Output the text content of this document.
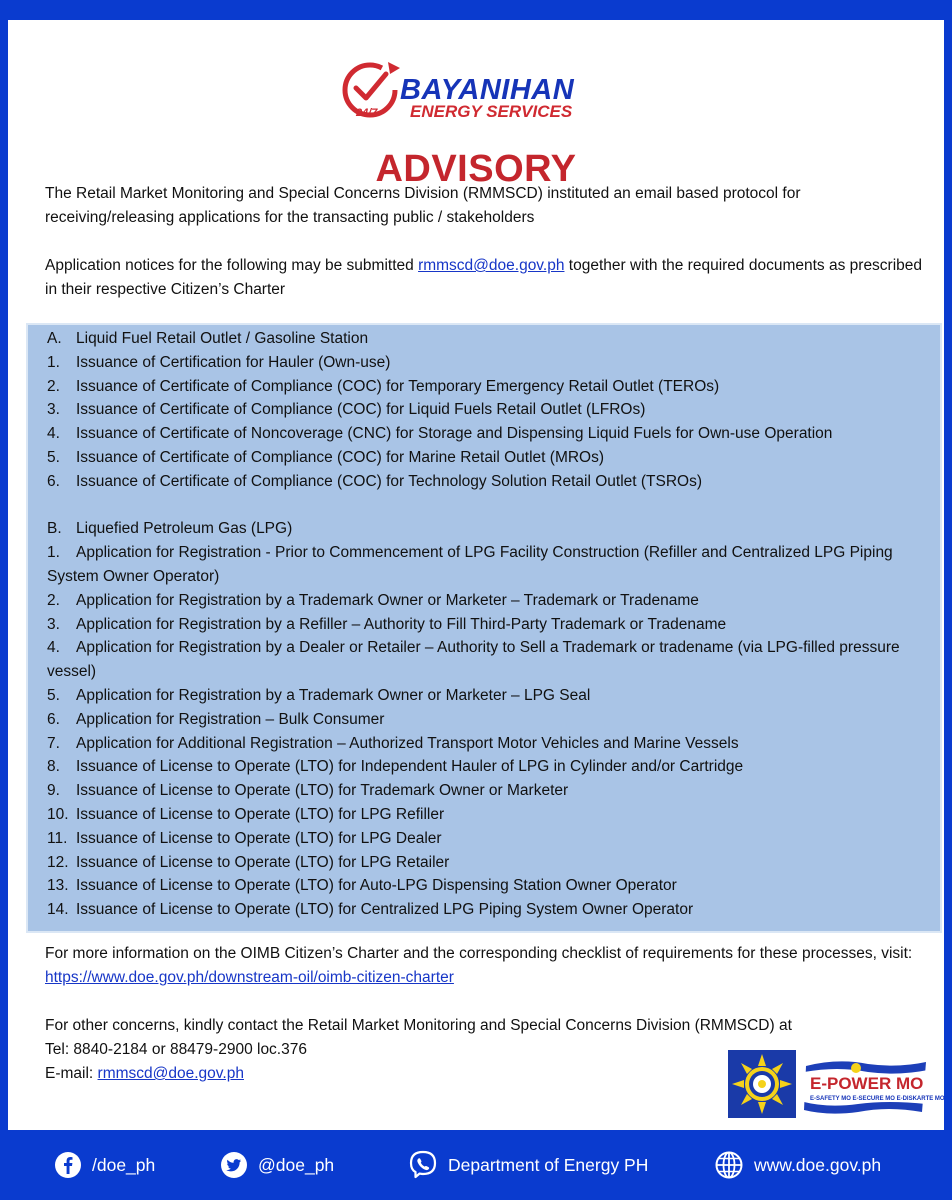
24/7
BAYANIHAN
ENERGY SERVICES
ADVISORY

The Retail Market Monitoring and Special Concerns Division (RMMSCD) instituted an email based protocol for receiving/releasing applications for the transacting public / stakeholders

Application notices for the following may be submitted rmmscd@doe.gov.ph together with the required documents as prescribed in their respective Citizen’s Charter

A. Liquid Fuel Retail Outlet / Gasoline Station
1. Issuance of Certification for Hauler (Own-use)
2. Issuance of Certificate of Compliance (COC) for Temporary Emergency Retail Outlet (TEROs)
3. Issuance of Certificate of Compliance (COC) for Liquid Fuels Retail Outlet (LFROs)
4. Issuance of Certificate of Noncoverage (CNC) for Storage and Dispensing Liquid Fuels for Own-use Operation
5. Issuance of Certificate of Compliance (COC) for Marine Retail Outlet (MROs)
6. Issuance of Certificate of Compliance (COC) for Technology Solution Retail Outlet (TSROs)
B. Liquefied Petroleum Gas (LPG)
1. Application for Registration - Prior to Commencement of LPG Facility Construction (Refiller and Centralized LPG Piping System Owner Operator)
2. Application for Registration by a Trademark Owner or Marketer – Trademark or Tradename
3. Application for Registration by a Refiller – Authority to Fill Third-Party Trademark or Tradename
4. Application for Registration by a Dealer or Retailer – Authority to Sell a Trademark or tradename (via LPG-filled pressure vessel)
5. Application for Registration by a Trademark Owner or Marketer – LPG Seal
6. Application for Registration – Bulk Consumer
7. Application for Additional Registration – Authorized Transport Motor Vehicles and Marine Vessels
8. Issuance of License to Operate (LTO) for Independent Hauler of LPG in Cylinder and/or Cartridge
9. Issuance of License to Operate (LTO) for Trademark Owner or Marketer
10. Issuance of License to Operate (LTO) for LPG Refiller
11. Issuance of License to Operate (LTO) for LPG Dealer
12. Issuance of License to Operate (LTO) for LPG Retailer
13. Issuance of License to Operate (LTO) for Auto-LPG Dispensing Station Owner Operator
14. Issuance of License to Operate (LTO) for Centralized LPG Piping System Owner Operator

For more information on the OIMB Citizen’s Charter and the corresponding checklist of requirements for these processes, visit: https://www.doe.gov.ph/downstream-oil/oimb-citizen-charter

For other concerns, kindly contact the Retail Market Monitoring and Special Concerns Division (RMMSCD) at
Tel: 8840-2184 or 88479-2900 loc.376
E-mail: rmmscd@doe.gov.ph
E-POWER MO
E-SAFETY MO E-SECURE MO E-DISKARTE MO
/doe_ph	@doe_ph	Department of Energy PH	www.doe.gov.ph
